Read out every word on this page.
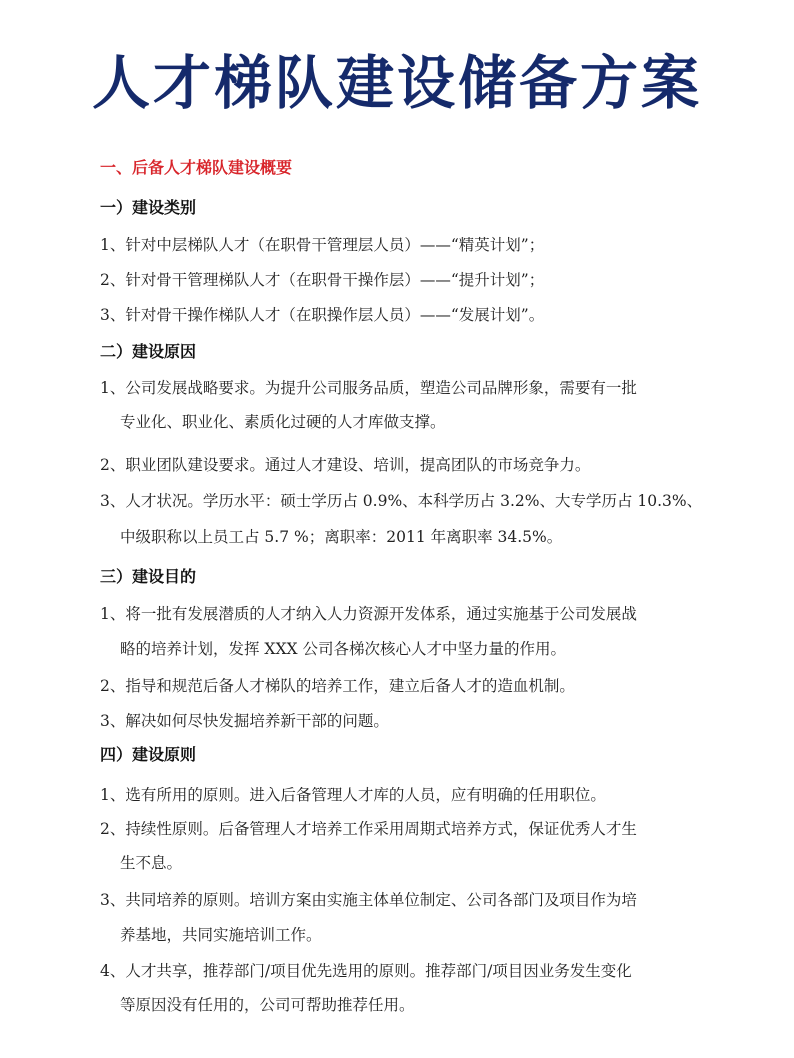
人才梯队建设储备方案
一、后备人才梯队建设概要
一）建设类别
1、针对中层梯队人才（在职骨干管理层人员）——“精英计划”；
2、针对骨干管理梯队人才（在职骨干操作层）——“提升计划”；
3、针对骨干操作梯队人才（在职操作层人员）——“发展计划”。
二）建设原因
1、公司发展战略要求。为提升公司服务品质，塑造公司品牌形象，需要有一批
专业化、职业化、素质化过硬的人才库做支撑。
2、职业团队建设要求。通过人才建设、培训，提高团队的市场竞争力。
3、人才状况。学历水平：硕士学历占 0.9%、本科学历占 3.2%、大专学历占 10.3%、
中级职称以上员工占 5.7 %；离职率：2011 年离职率 34.5%。
三）建设目的
1、将一批有发展潜质的人才纳入人力资源开发体系，通过实施基于公司发展战
略的培养计划，发挥 XXX 公司各梯次核心人才中坚力量的作用。
2、指导和规范后备人才梯队的培养工作，建立后备人才的造血机制。
3、解决如何尽快发掘培养新干部的问题。
四）建设原则
1、选有所用的原则。进入后备管理人才库的人员，应有明确的任用职位。
2、持续性原则。后备管理人才培养工作采用周期式培养方式，保证优秀人才生
生不息。
3、共同培养的原则。培训方案由实施主体单位制定、公司各部门及项目作为培
养基地，共同实施培训工作。
4、人才共享，推荐部门/项目优先选用的原则。推荐部门/项目因业务发生变化
等原因没有任用的，公司可帮助推荐任用。
